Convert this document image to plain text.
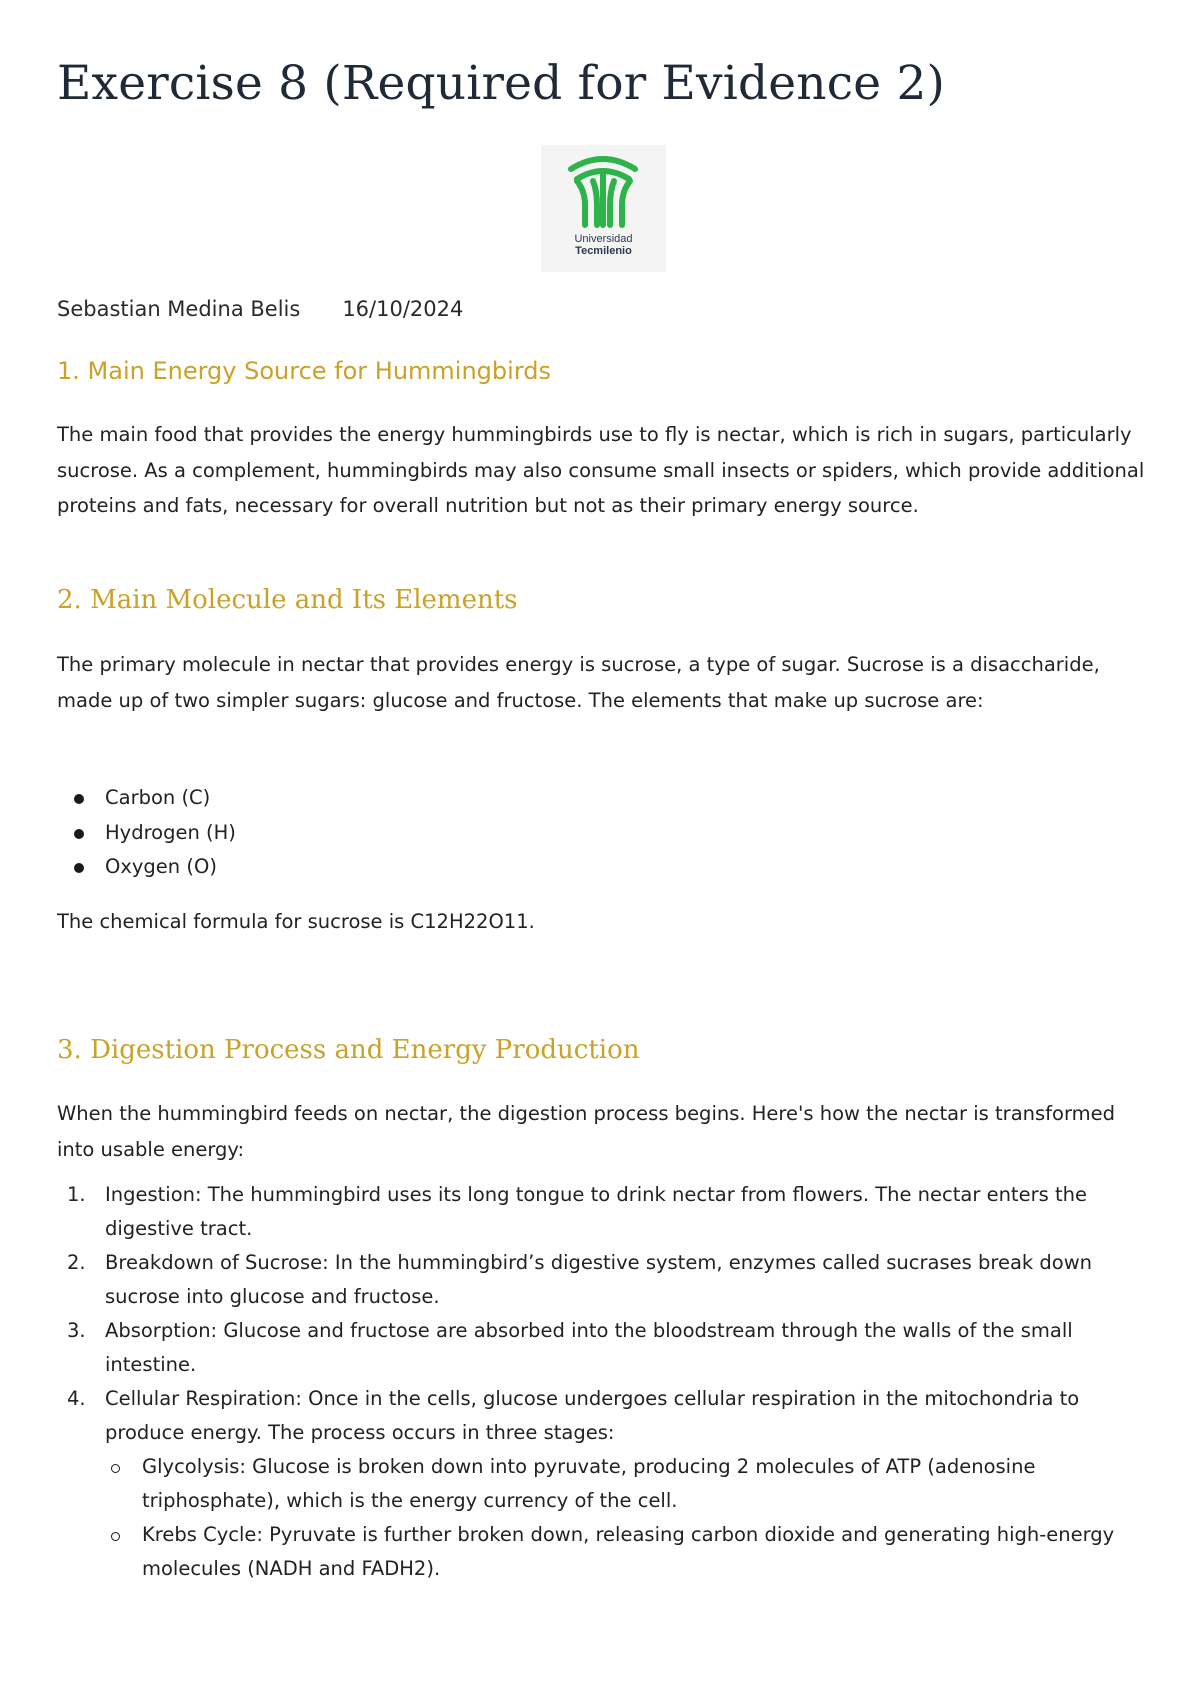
Exercise 8 (Required for Evidence 2)
Universidad
Tecmilenio
Sebastian Medina Belis 16/10/2024
1. Main Energy Source for Hummingbirds

The main food that provides the energy hummingbirds use to fly is nectar, which is rich in sugars, particularly sucrose. As a complement, hummingbirds may also consume small insects or spiders, which provide additional proteins and fats, necessary for overall nutrition but not as their primary energy source.

2. Main Molecule and Its Elements

The primary molecule in nectar that provides energy is sucrose, a type of sugar. Sucrose is a disaccharide, made up of two simpler sugars: glucose and fructose. The elements that make up sucrose are:

Carbon (C)
Hydrogen (H)
Oxygen (O)

The chemical formula for sucrose is C12H22O11.

3. Digestion Process and Energy Production

When the hummingbird feeds on nectar, the digestion process begins. Here's how the nectar is transformed into usable energy:

1. Ingestion: The hummingbird uses its long tongue to drink nectar from flowers. The nectar enters the digestive tract.
2. Breakdown of Sucrose: In the hummingbird’s digestive system, enzymes called sucrases break down sucrose into glucose and fructose.
3. Absorption: Glucose and fructose are absorbed into the bloodstream through the walls of the small intestine.
4. Cellular Respiration: Once in the cells, glucose undergoes cellular respiration in the mitochondria to produce energy. The process occurs in three stages:
Glycolysis: Glucose is broken down into pyruvate, producing 2 molecules of ATP (adenosine triphosphate), which is the energy currency of the cell.
Krebs Cycle: Pyruvate is further broken down, releasing carbon dioxide and generating high-energy molecules (NADH and FADH2).
